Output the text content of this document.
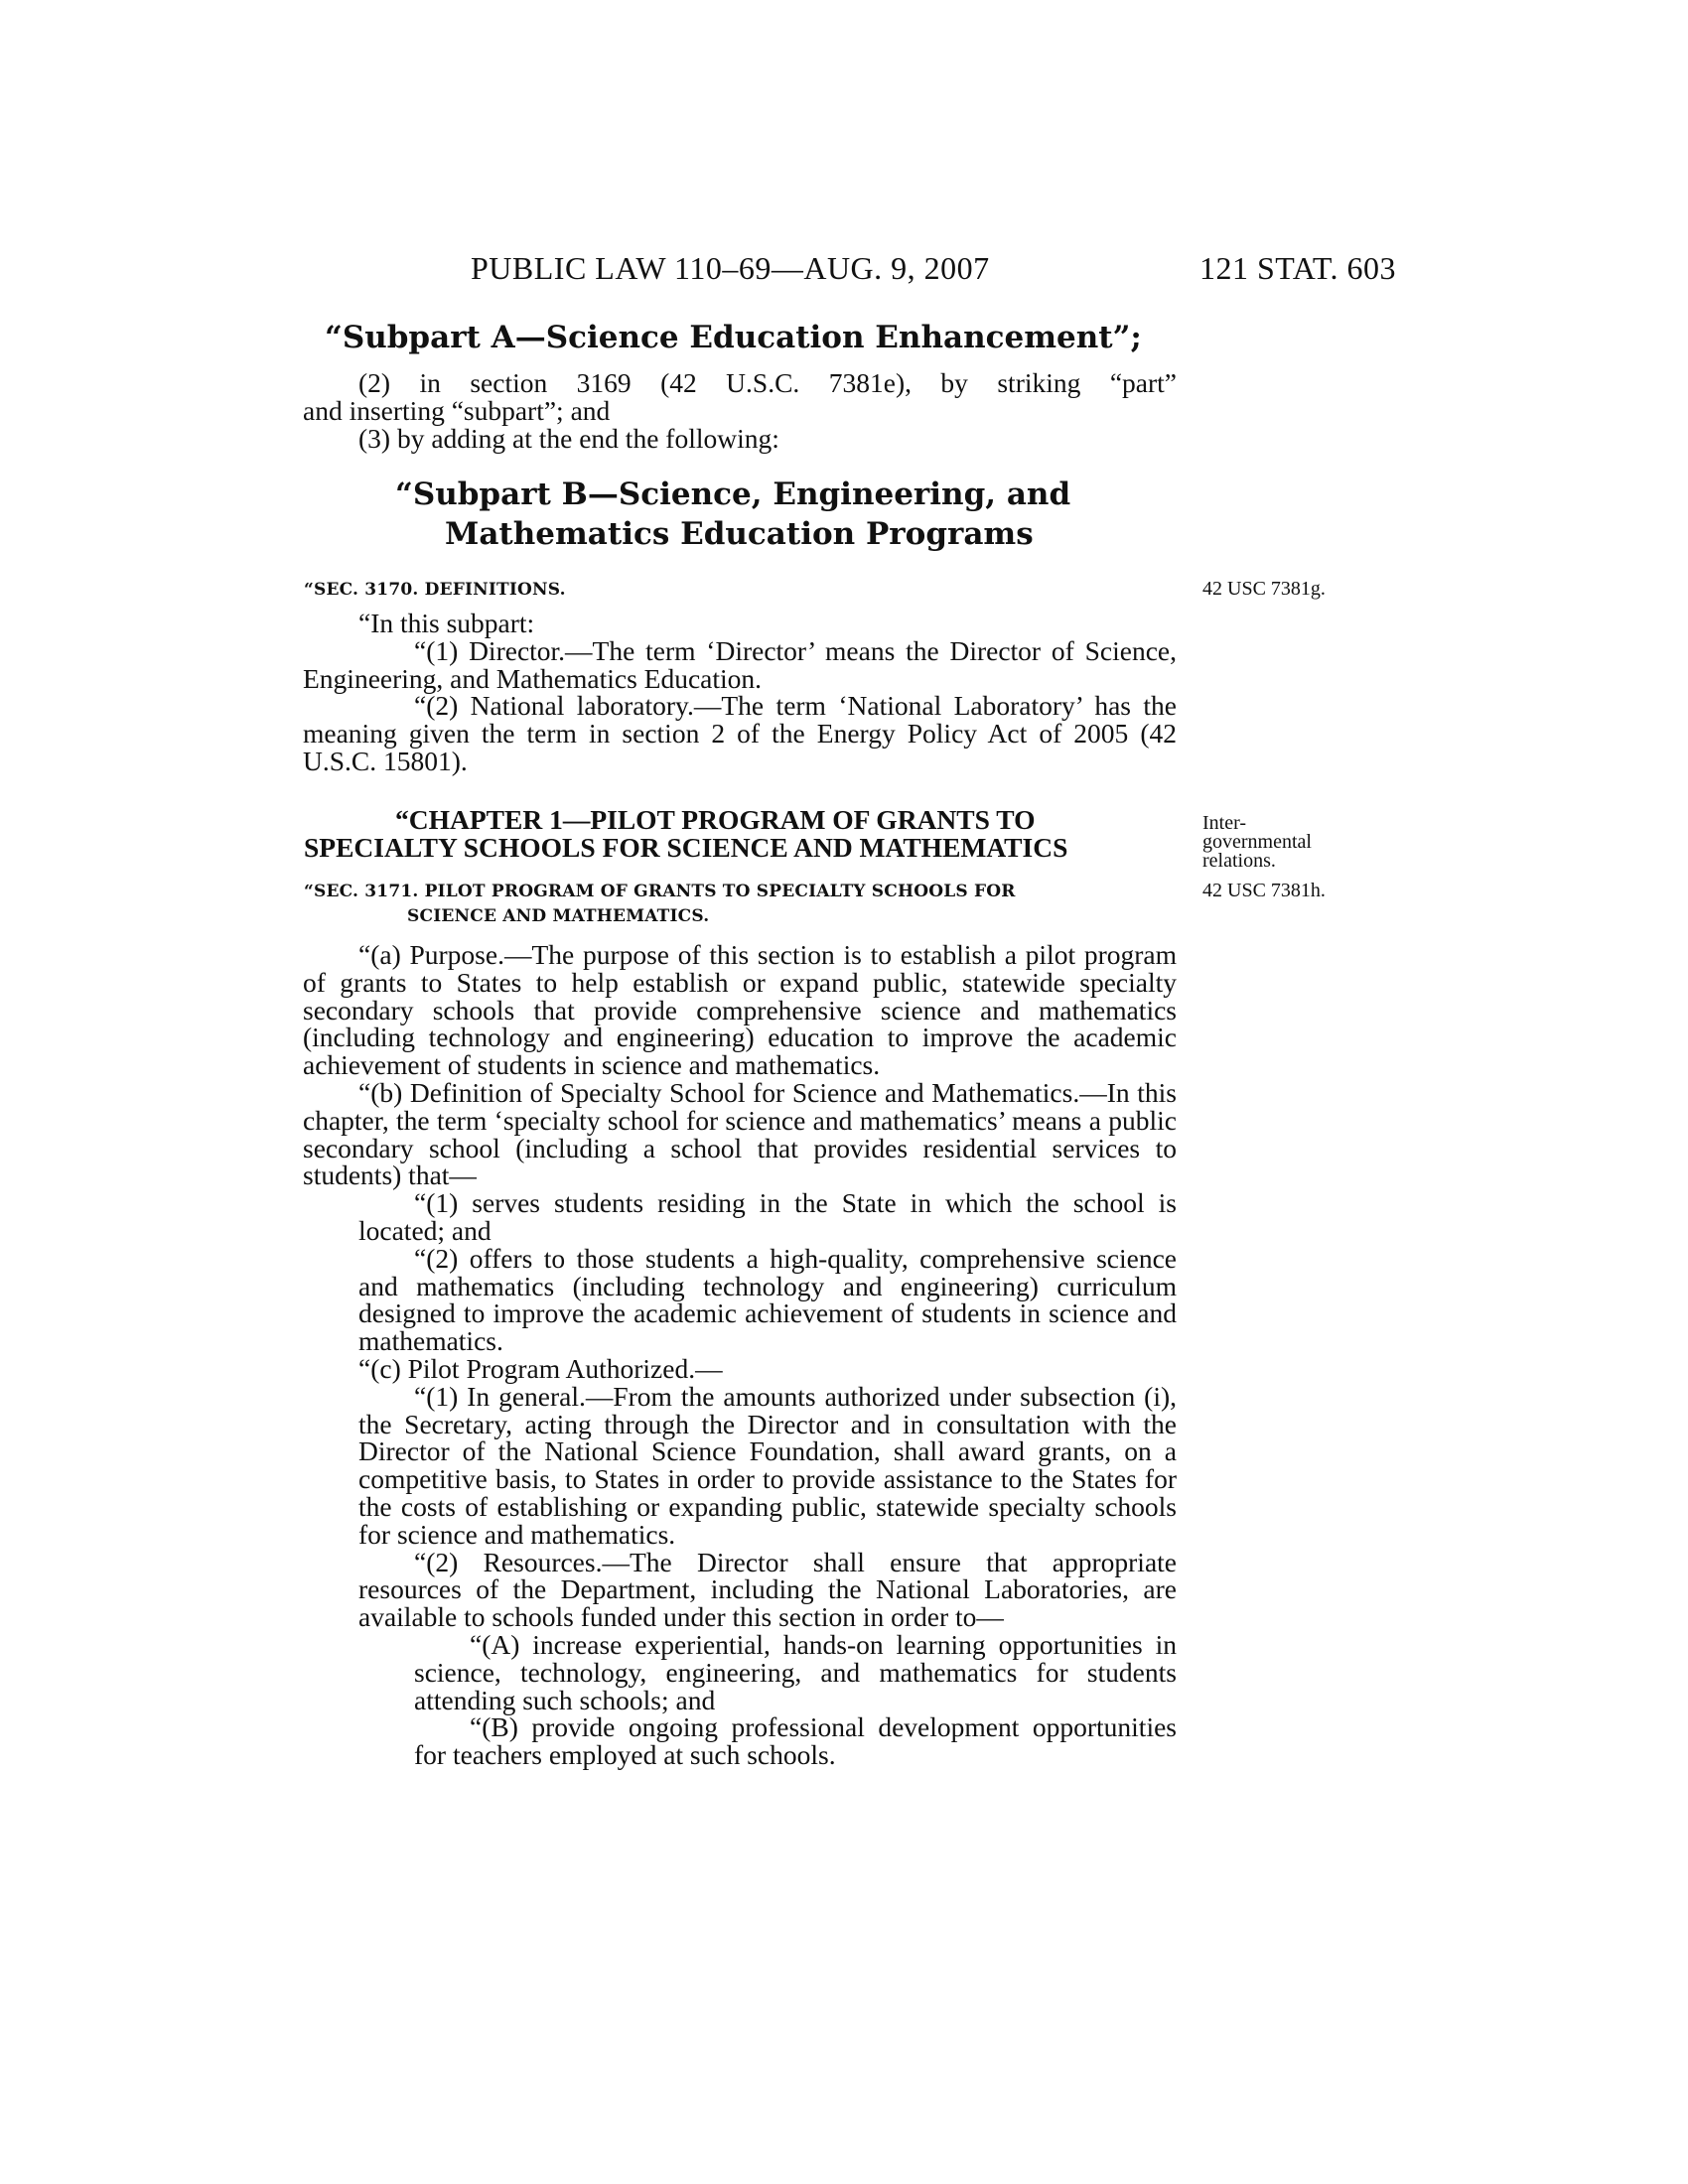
PUBLIC LAW 110–69—AUG. 9, 2007	121 STAT. 603
“Subpart A—Science Education Enhancement”;
(2) in section 3169 (42 U.S.C. 7381e), by striking “part”
and inserting “subpart”; and
(3) by adding at the end the following:
“Subpart B—Science, Engineering, and
Mathematics Education Programs
“SEC. 3170. DEFINITIONS.	42 USC 7381g.
“In this subpart:
“(1) Director.—The term ‘Director’ means the Director of Science, Engineering, and Mathematics Education.
“(2) National laboratory.—The term ‘National Laboratory’ has the meaning given the term in section 2 of the Energy Policy Act of 2005 (42 U.S.C. 15801).
“CHAPTER 1—PILOT PROGRAM OF GRANTS TO
SPECIALTY SCHOOLS FOR SCIENCE AND MATHEMATICS
Inter-
governmental
relations.
“SEC. 3171. PILOT PROGRAM OF GRANTS TO SPECIALTY SCHOOLS FOR
SCIENCE AND MATHEMATICS.
42 USC 7381h.
“(a) Purpose.—The purpose of this section is to establish a pilot program of grants to States to help establish or expand public, statewide specialty secondary schools that provide comprehensive science and mathematics (including technology and engineering) education to improve the academic achievement of students in science and mathematics.
“(b) Definition of Specialty School for Science and Mathematics.—In this chapter, the term ‘specialty school for science and mathematics’ means a public secondary school (including a school that provides residential services to students) that—
“(1) serves students residing in the State in which the school is located; and
“(2) offers to those students a high-quality, comprehensive science and mathematics (including technology and engineering) curriculum designed to improve the academic achievement of students in science and mathematics.
“(c) Pilot Program Authorized.—
“(1) In general.—From the amounts authorized under subsection (i), the Secretary, acting through the Director and in consultation with the Director of the National Science Foundation, shall award grants, on a competitive basis, to States in order to provide assistance to the States for the costs of establishing or expanding public, statewide specialty schools for science and mathematics.
“(2) Resources.—The Director shall ensure that appropriate resources of the Department, including the National Laboratories, are available to schools funded under this section in order to—
“(A) increase experiential, hands-on learning opportunities in science, technology, engineering, and mathematics for students attending such schools; and
“(B) provide ongoing professional development opportunities for teachers employed at such schools.
